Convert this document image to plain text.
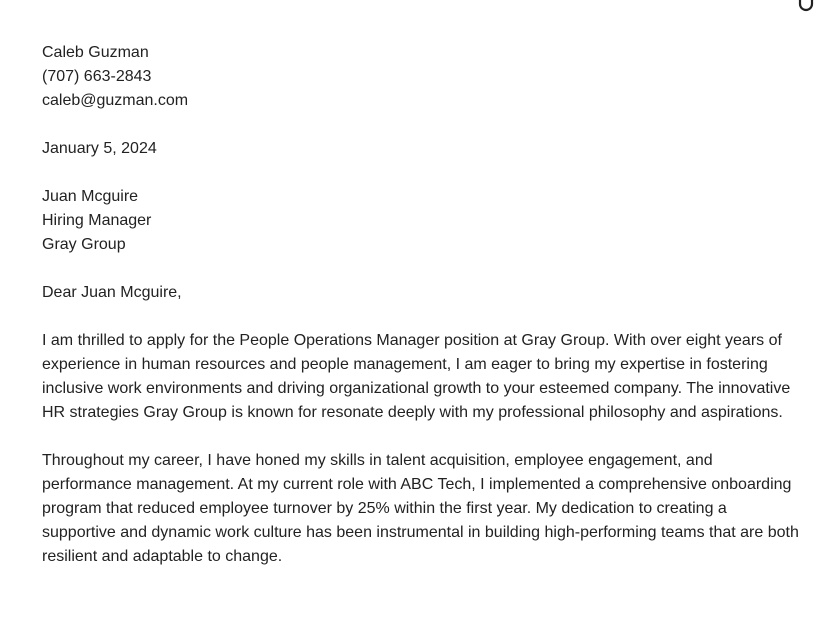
Caleb Guzman
(707) 663-2843
caleb@guzman.com
January 5, 2024
Juan Mcguire
Hiring Manager
Gray Group
Dear Juan Mcguire,

I am thrilled to apply for the People Operations Manager position at Gray Group. With over eight years of experience in human resources and people management, I am eager to bring my expertise in fostering inclusive work environments and driving organizational growth to your esteemed company. The innovative HR strategies Gray Group is known for resonate deeply with my professional philosophy and aspirations.

Throughout my career, I have honed my skills in talent acquisition, employee engagement, and performance management. At my current role with ABC Tech, I implemented a comprehensive onboarding program that reduced employee turnover by 25% within the first year. My dedication to creating a supportive and dynamic work culture has been instrumental in building high-performing teams that are both resilient and adaptable to change.
